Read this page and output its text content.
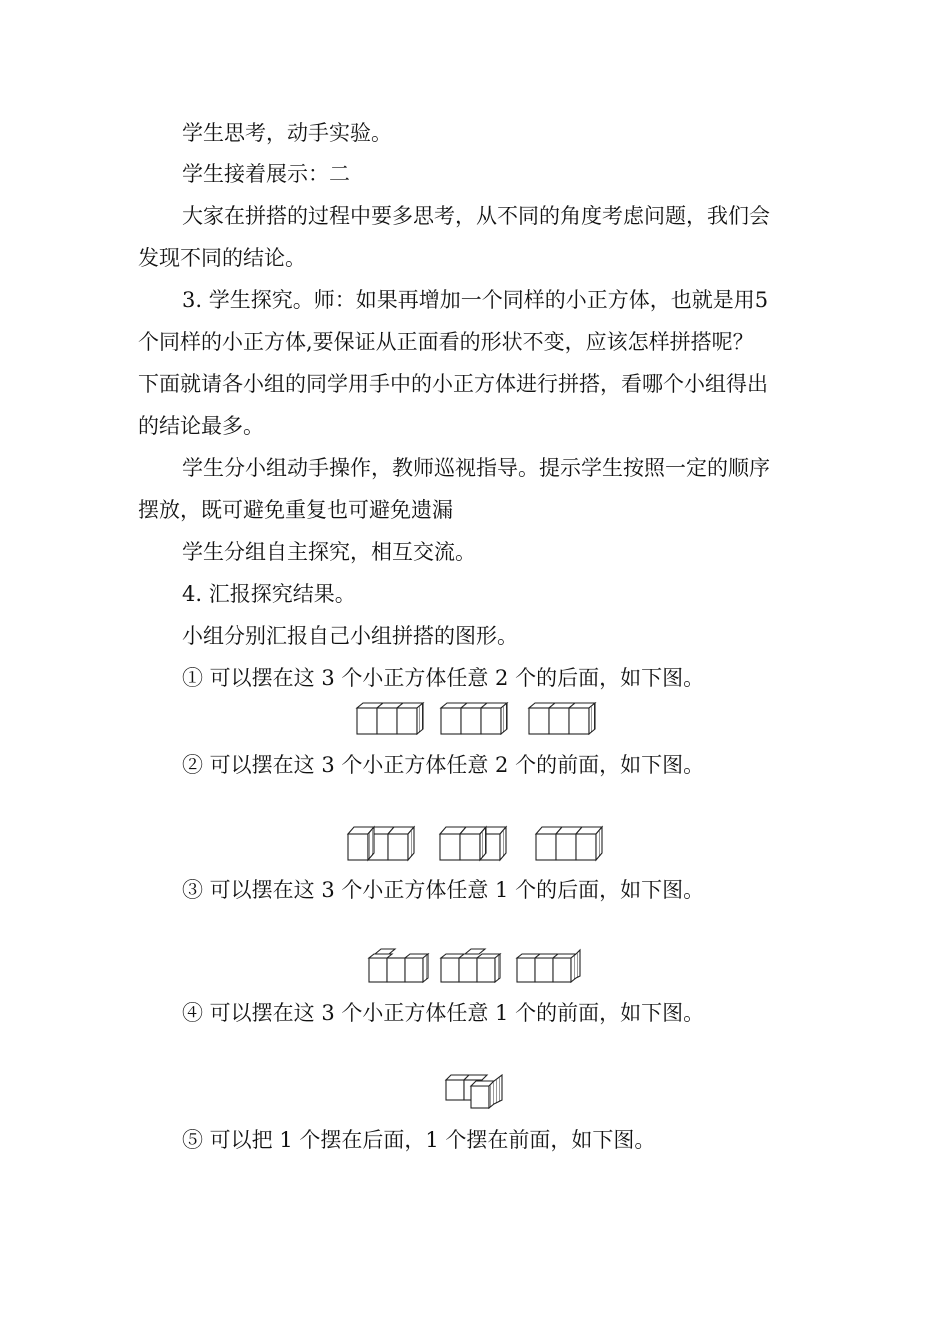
学生思考，动手实验。
学生接着展示：二
大家在拼搭的过程中要多思考，从不同的角度考虑问题，我们会
发现不同的结论。
3. 学生探究。师：如果再增加一个同样的小正方体，也就是用5
个同样的小正方体,要保证从正面看的形状不变，应该怎样拼搭呢？
下面就请各小组的同学用手中的小正方体进行拼搭，看哪个小组得出
的结论最多。
学生分小组动手操作，教师巡视指导。提示学生按照一定的顺序
摆放，既可避免重复也可避免遗漏
学生分组自主探究，相互交流。
4. 汇报探究结果。
小组分别汇报自己小组拼搭的图形。
① 可以摆在这 3 个小正方体任意 2 个的后面，如下图。
② 可以摆在这 3 个小正方体任意 2 个的前面，如下图。
③ 可以摆在这 3 个小正方体任意 1 个的后面，如下图。
④ 可以摆在这 3 个小正方体任意 1 个的前面，如下图。
⑤ 可以把 1 个摆在后面，1 个摆在前面，如下图。
